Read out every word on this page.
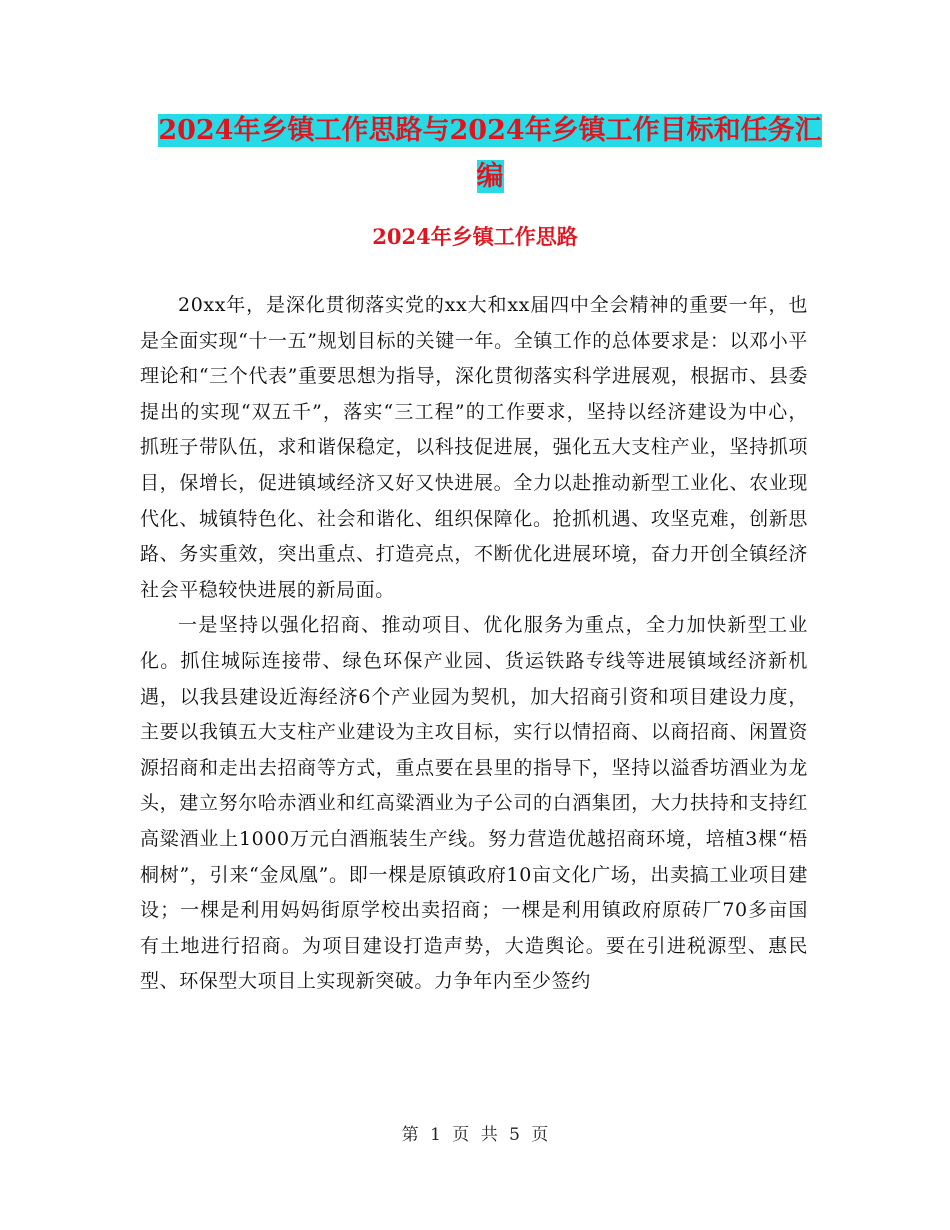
2024年乡镇工作思路与2024年乡镇工作目标和任务汇编
2024年乡镇工作思路

20xx年，是深化贯彻落实党的xx大和xx届四中全会精神的重要一年，也是全面实现“十一五”规划目标的关键一年。全镇工作的总体要求是：以邓小平理论和“三个代表”重要思想为指导，深化贯彻落实科学进展观，根据市、县委提出的实现“双五千”，落实“三工程”的工作要求，坚持以经济建设为中心，抓班子带队伍，求和谐保稳定，以科技促进展，强化五大支柱产业，坚持抓项目，保增长，促进镇域经济又好又快进展。全力以赴推动新型工业化、农业现代化、城镇特色化、社会和谐化、组织保障化。抢抓机遇、攻坚克难，创新思路、务实重效，突出重点、打造亮点，不断优化进展环境，奋力开创全镇经济社会平稳较快进展的新局面。

一是坚持以强化招商、推动项目、优化服务为重点，全力加快新型工业化。抓住城际连接带、绿色环保产业园、货运铁路专线等进展镇域经济新机遇，以我县建设近海经济6个产业园为契机，加大招商引资和项目建设力度，主要以我镇五大支柱产业建设为主攻目标，实行以情招商、以商招商、闲置资源招商和走出去招商等方式，重点要在县里的指导下，坚持以溢香坊酒业为龙头，建立努尔哈赤酒业和红高粱酒业为子公司的白酒集团，大力扶持和支持红高粱酒业上1000万元白酒瓶装生产线。努力营造优越招商环境，培植3棵“梧桐树”，引来“金凤凰”。即一棵是原镇政府10亩文化广场，出卖搞工业项目建设；一棵是利用妈妈街原学校出卖招商；一棵是利用镇政府原砖厂70多亩国有土地进行招商。为项目建设打造声势，大造舆论。要在引进税源型、惠民型、环保型大项目上实现新突破。力争年内至少签约

第 1 页 共 5 页
